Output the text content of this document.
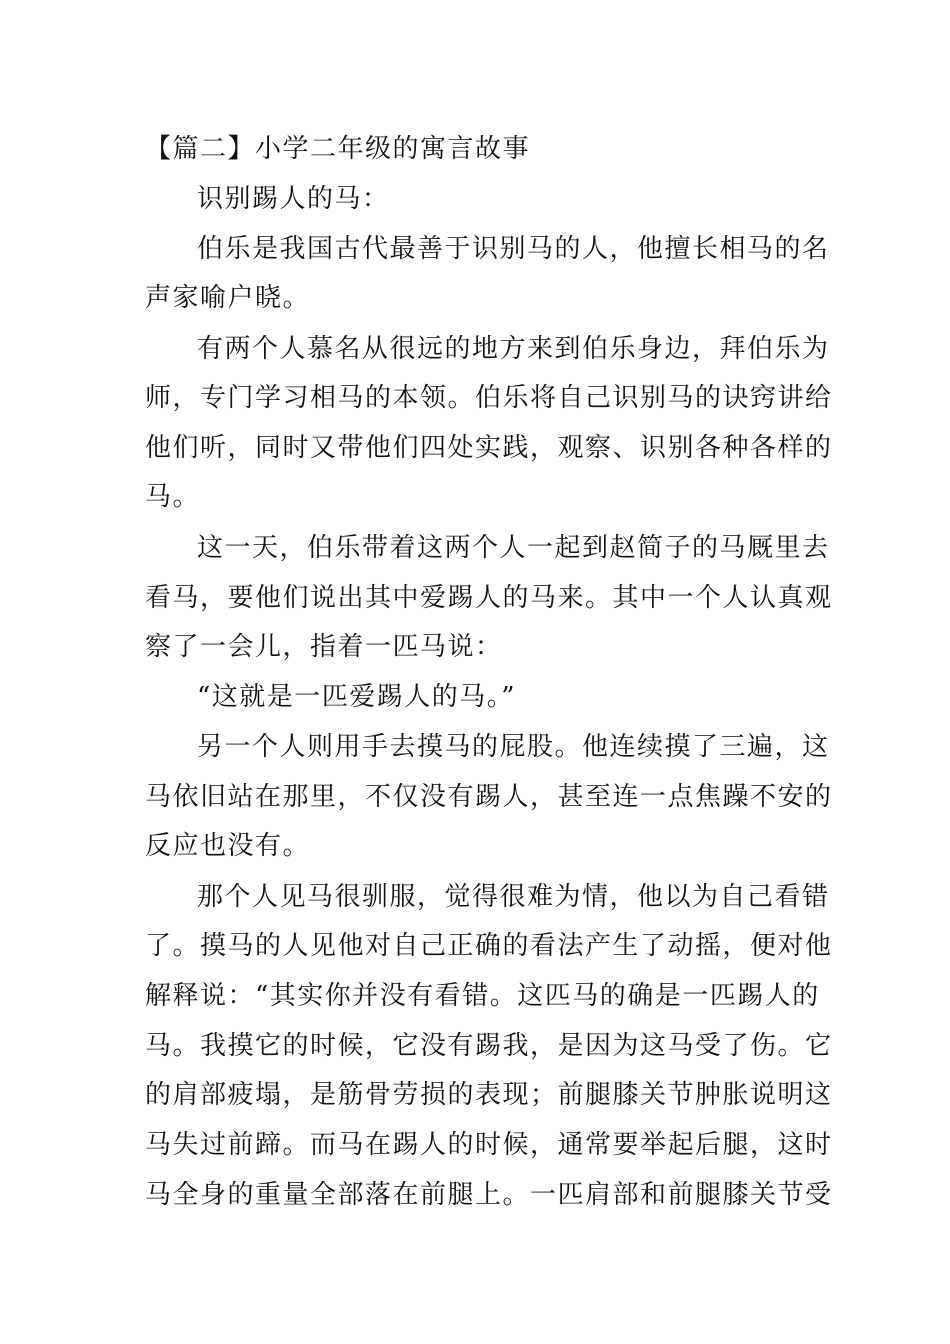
【篇二】小学二年级的寓言故事
识别踢人的马：
伯乐是我国古代最善于识别马的人，他擅长相马的名
声家喻户晓。
有两个人慕名从很远的地方来到伯乐身边，拜伯乐为
师，专门学习相马的本领。伯乐将自己识别马的诀窍讲给
他们听，同时又带他们四处实践，观察、识别各种各样的
马。
这一天，伯乐带着这两个人一起到赵简子的马厩里去
看马，要他们说出其中爱踢人的马来。其中一个人认真观
察了一会儿，指着一匹马说：
“这就是一匹爱踢人的马。”
另一个人则用手去摸马的屁股。他连续摸了三遍，这
马依旧站在那里，不仅没有踢人，甚至连一点焦躁不安的
反应也没有。
那个人见马很驯服，觉得很难为情，他以为自己看错
了。摸马的人见他对自己正确的看法产生了动摇，便对他
解释说：“其实你并没有看错。这匹马的确是一匹踢人的
马。我摸它的时候，它没有踢我，是因为这马受了伤。它
的肩部疲塌，是筋骨劳损的表现；前腿膝关节肿胀说明这
马失过前蹄。而马在踢人的时候，通常要举起后腿，这时
马全身的重量全部落在前腿上。一匹肩部和前腿膝关节受
